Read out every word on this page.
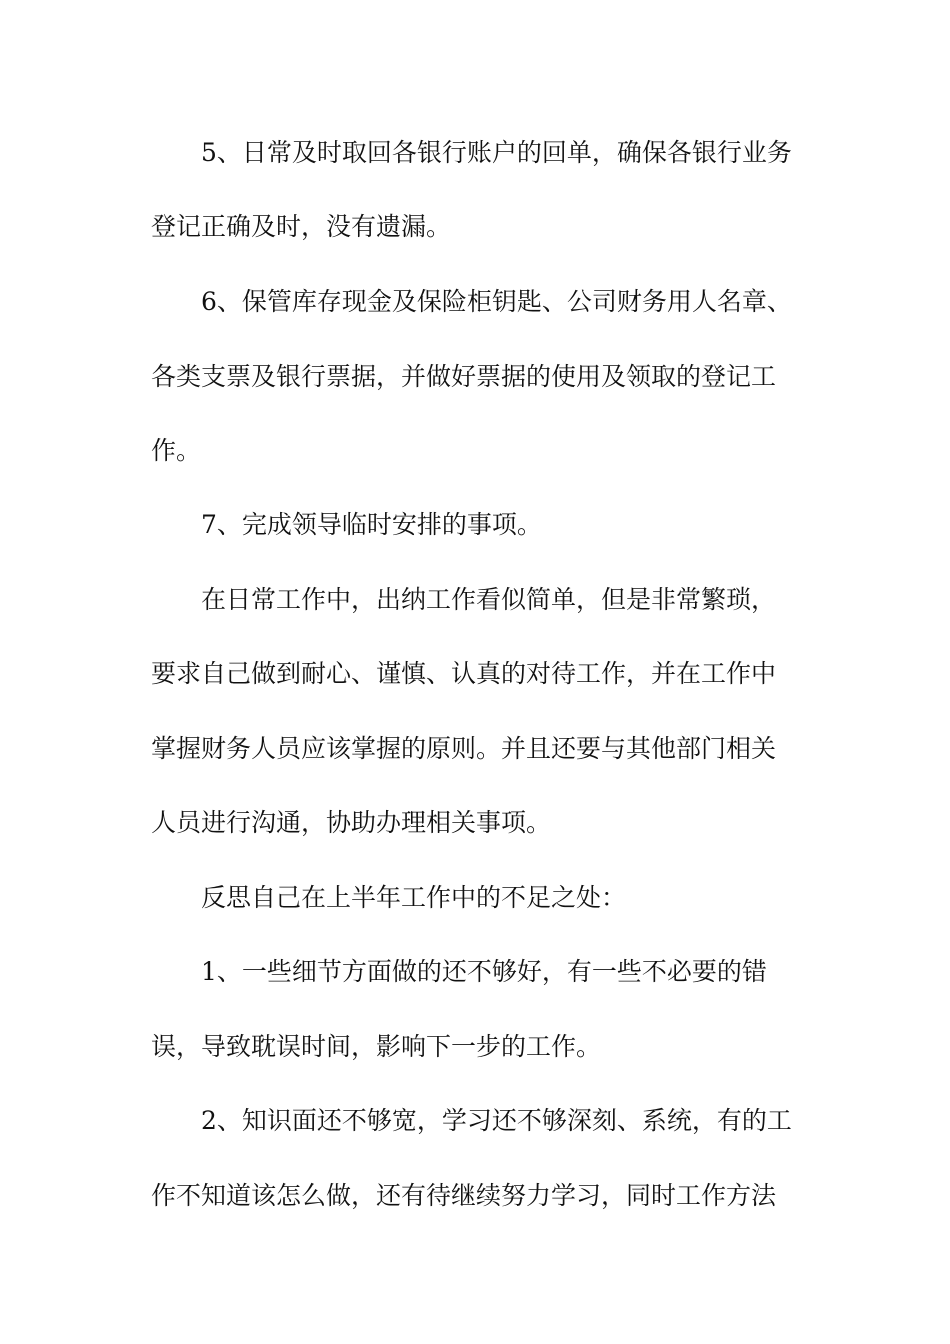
5、日常及时取回各银行账户的回单，确保各银行业务
登记正确及时，没有遗漏。
6、保管库存现金及保险柜钥匙、公司财务用人名章、
各类支票及银行票据，并做好票据的使用及领取的登记工
作。
7、完成领导临时安排的事项。
在日常工作中，出纳工作看似简单，但是非常繁琐，
要求自己做到耐心、谨慎、认真的对待工作，并在工作中
掌握财务人员应该掌握的原则。并且还要与其他部门相关
人员进行沟通，协助办理相关事项。
反思自己在上半年工作中的不足之处：
1、一些细节方面做的还不够好，有一些不必要的错
误，导致耽误时间，影响下一步的工作。
2、知识面还不够宽，学习还不够深刻、系统，有的工
作不知道该怎么做，还有待继续努力学习，同时工作方法
